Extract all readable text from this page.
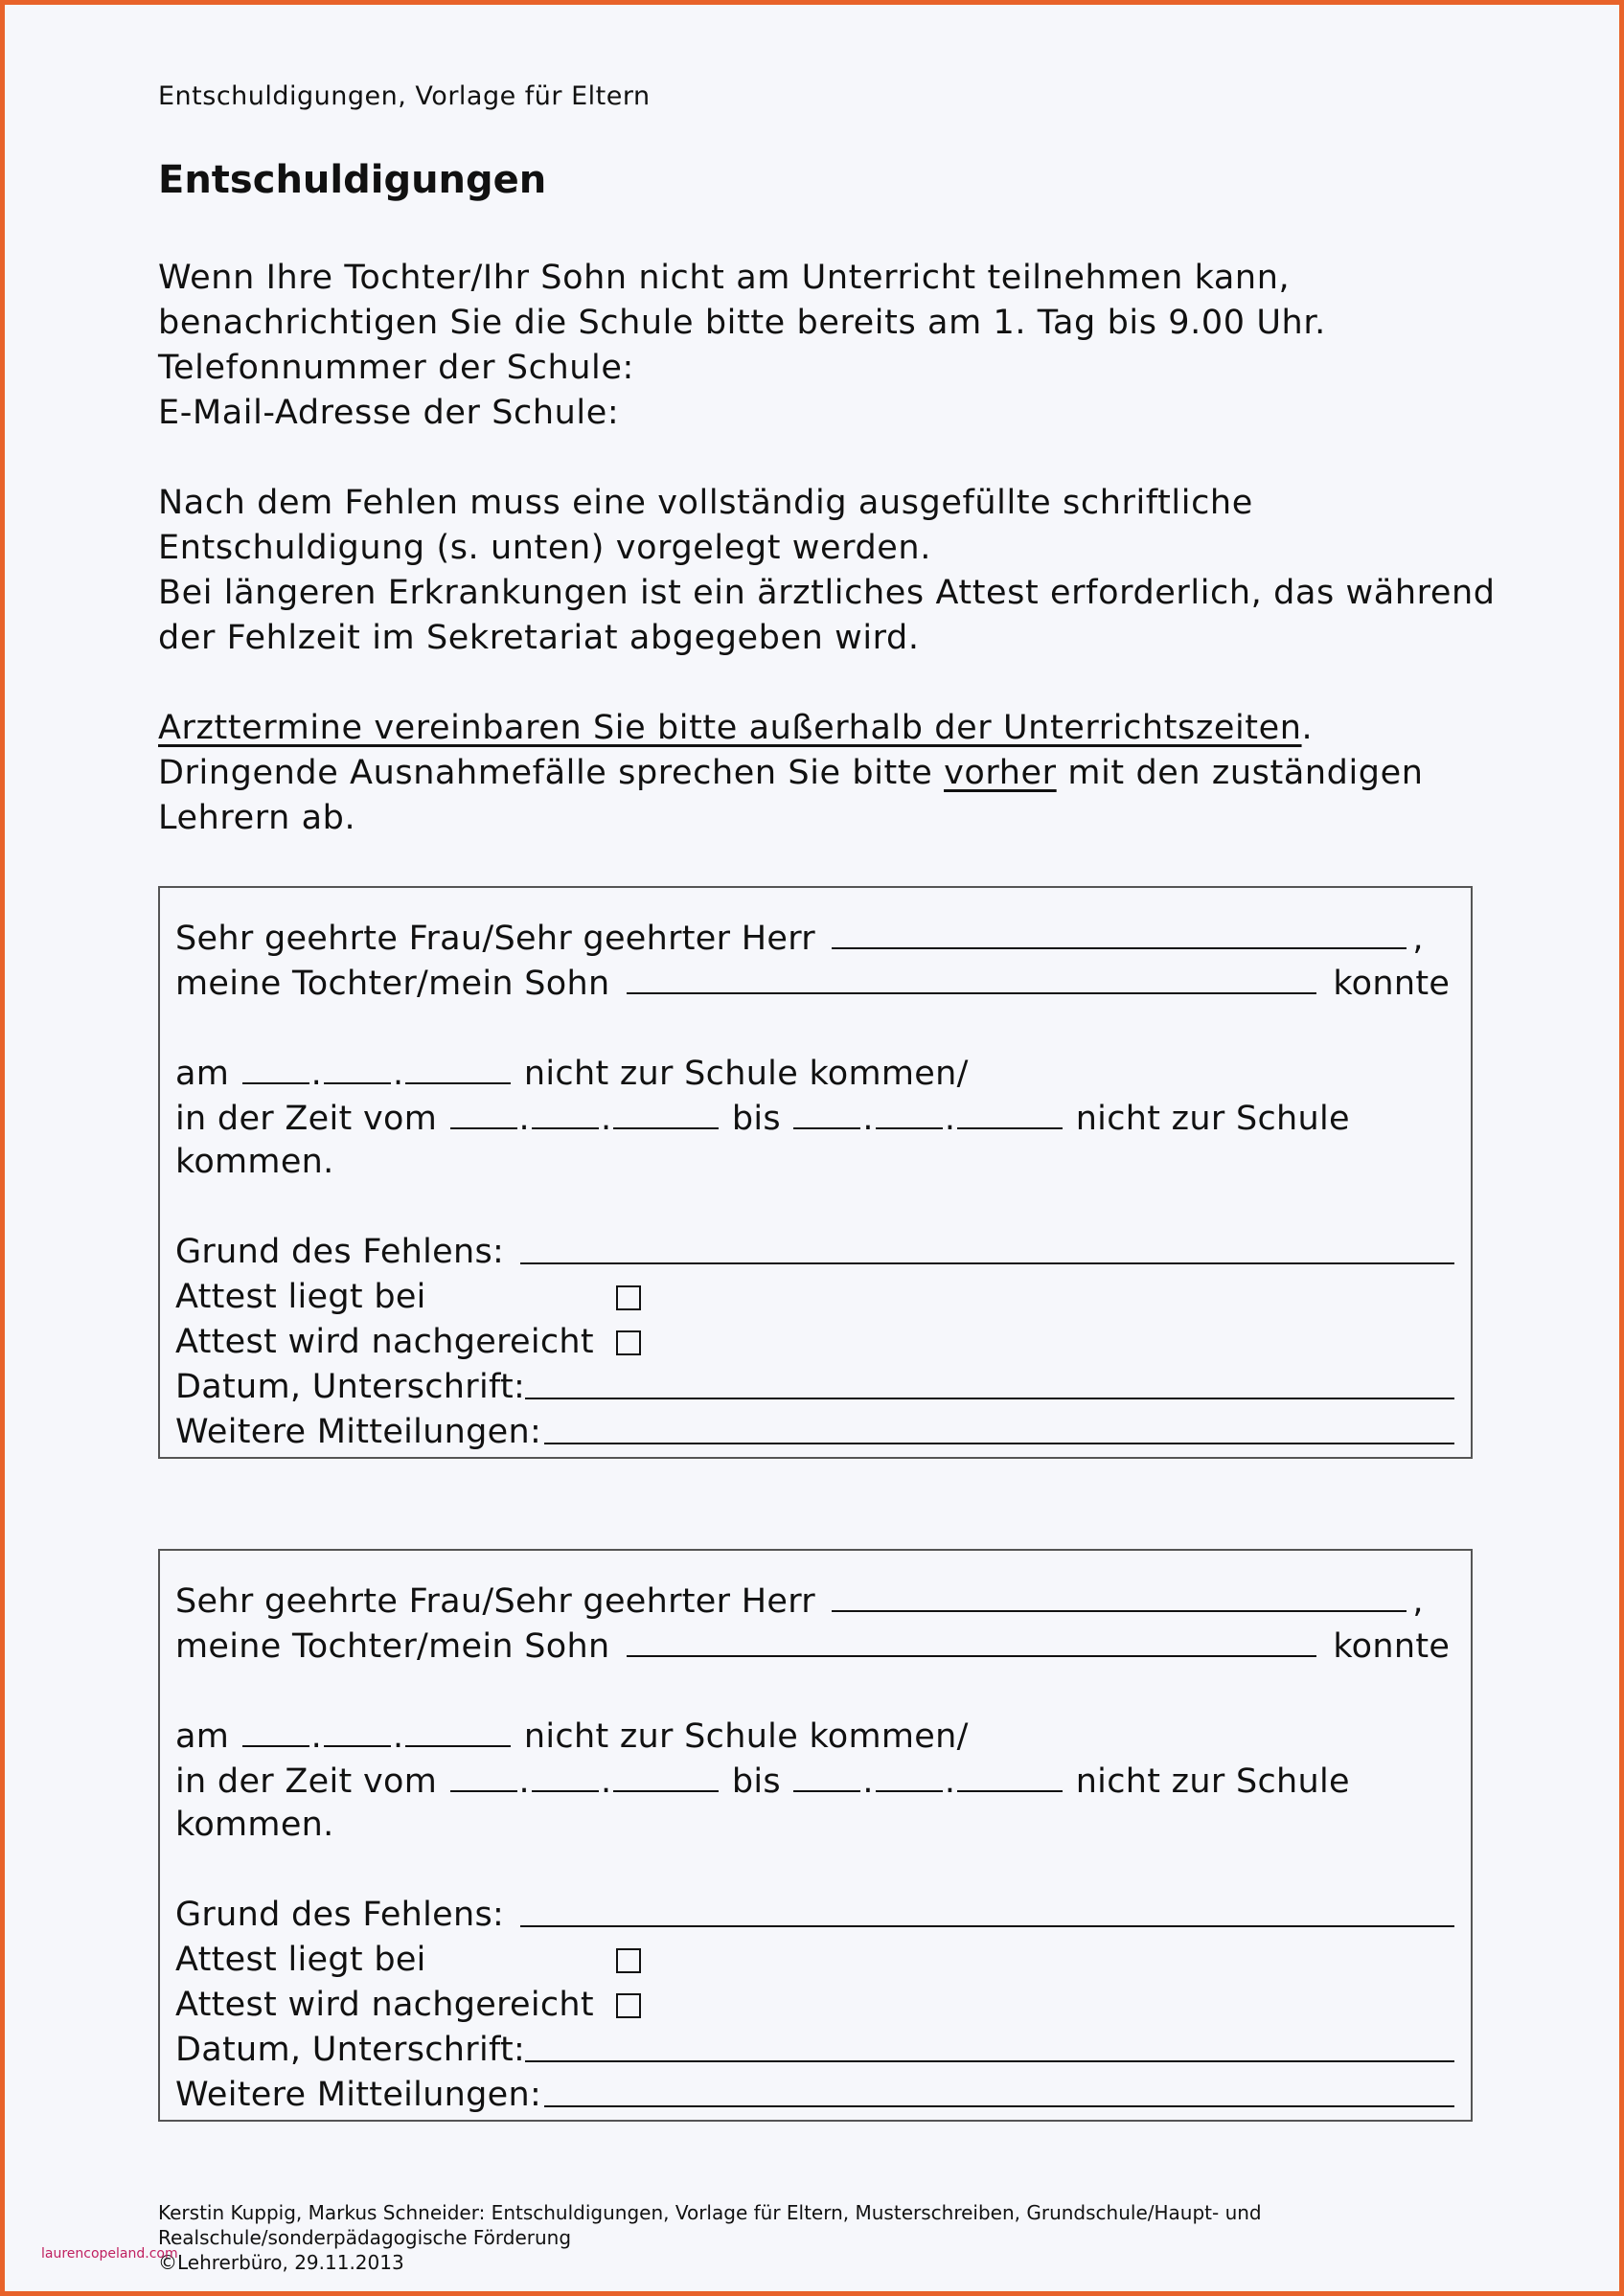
Entschuldigungen, Vorlage für Eltern
Entschuldigungen

Wenn Ihre Tochter/Ihr Sohn nicht am Unterricht teilnehmen kann,
benachrichtigen Sie die Schule bitte bereits am 1. Tag bis 9.00 Uhr.
Telefonnummer der Schule:
E-Mail-Adresse der Schule:

Nach dem Fehlen muss eine vollständig ausgefüllte schriftliche
Entschuldigung (s. unten) vorgelegt werden.
Bei längeren Erkrankungen ist ein ärztliches Attest erforderlich, das während
der Fehlzeit im Sekretariat abgegeben wird.

Arzttermine vereinbaren Sie bitte außerhalb der Unterrichtszeiten.
Dringende Ausnahmefälle sprechen Sie bitte vorher mit den zuständigen
Lehrern ab.

Sehr geehrte Frau/Sehr geehrter Herr	,
meine Tochter/mein Sohn	konnte
am . .	nicht zur Schule kommen/
in der Zeit vom . .	bis . .	nicht zur Schule
kommen.
Grund des Fehlens:
Attest liegt bei
Attest wird nachgereicht
Datum, Unterschrift:
Weitere Mitteilungen:
Sehr geehrte Frau/Sehr geehrter Herr	,
meine Tochter/mein Sohn	konnte
am . .	nicht zur Schule kommen/
in der Zeit vom . .	bis . .	nicht zur Schule
kommen.
Grund des Fehlens:
Attest liegt bei
Attest wird nachgereicht
Datum, Unterschrift:
Weitere Mitteilungen:
Kerstin Kuppig, Markus Schneider: Entschuldigungen, Vorlage für Eltern, Musterschreiben, Grundschule/Haupt- und
Realschule/sonderpädagogische Förderung
©Lehrerbüro, 29.11.2013
laurencopeland.com
